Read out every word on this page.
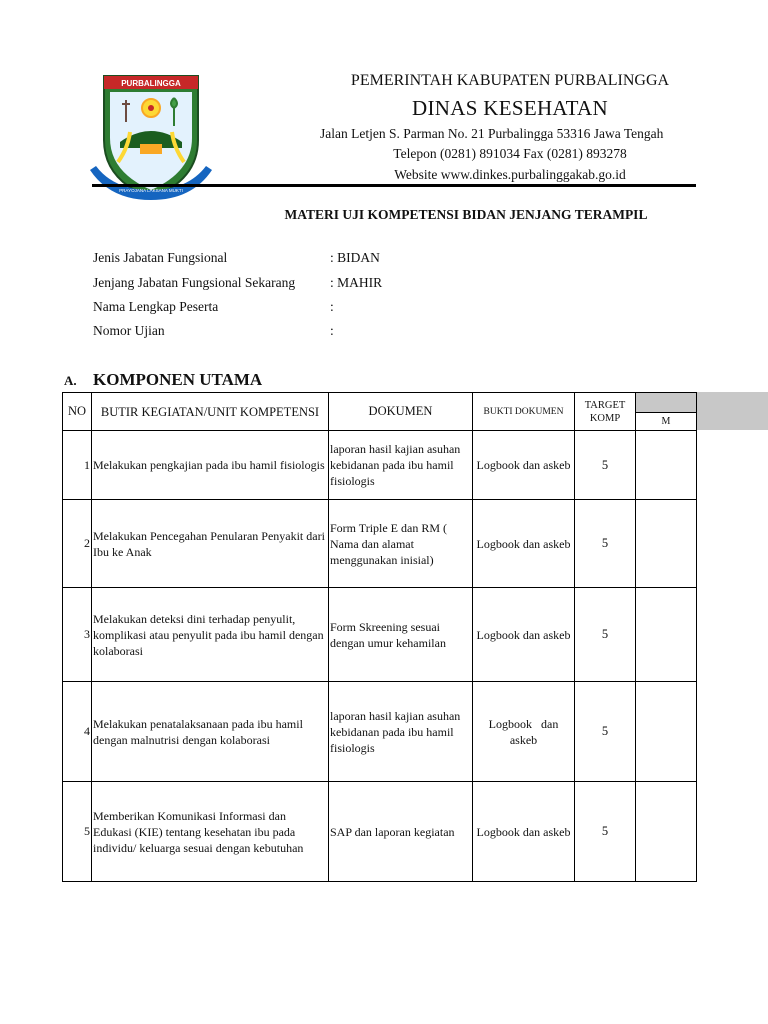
PURBALINGGA
PRAYOJANA LAKSANA MUKTI
PEMERINTAH KABUPATEN PURBALINGGA
DINAS KESEHATAN
Jalan Letjen S. Parman No. 21 Purbalingga 53316 Jawa Tengah
Telepon (0281) 891034 Fax (0281) 893278
Website www.dinkes.purbalinggakab.go.id
MATERI UJI KOMPETENSI BIDAN JENJANG TERAMPIL
Jenis Jabatan Fungsional	: BIDAN
Jenjang Jabatan Fungsional Sekarang	: MAHIR
Nama Lengkap Peserta	:
Nomor Ujian	:
A. KOMPONEN UTAMA
NO	BUTIR KEGIATAN/UNIT KOMPETENSI	DOKUMEN	BUKTI DOKUMEN	TARGET KOMP	
					M
1	Melakukan pengkajian pada ibu hamil fisiologis	laporan hasil kajian asuhan kebidanan pada ibu hamil fisiologis	Logbook dan askeb	5	
2	Melakukan Pencegahan Penularan Penyakit dari Ibu ke Anak	Form Triple E dan RM ( Nama dan alamat menggunakan inisial)	Logbook dan askeb	5	
3	Melakukan deteksi dini terhadap penyulit, komplikasi atau penyulit pada ibu hamil dengan kolaborasi	Form Skreening sesuai dengan umur kehamilan	Logbook dan askeb	5	
4	Melakukan penatalaksanaan pada ibu hamil dengan malnutrisi dengan kolaborasi	laporan hasil kajian asuhan kebidanan pada ibu hamil fisiologis	Logbook   dan askeb	5	
5	Memberikan Komunikasi Informasi dan Edukasi (KIE) tentang kesehatan ibu pada individu/ keluarga sesuai dengan kebutuhan	SAP dan laporan kegiatan	Logbook dan askeb	5	
